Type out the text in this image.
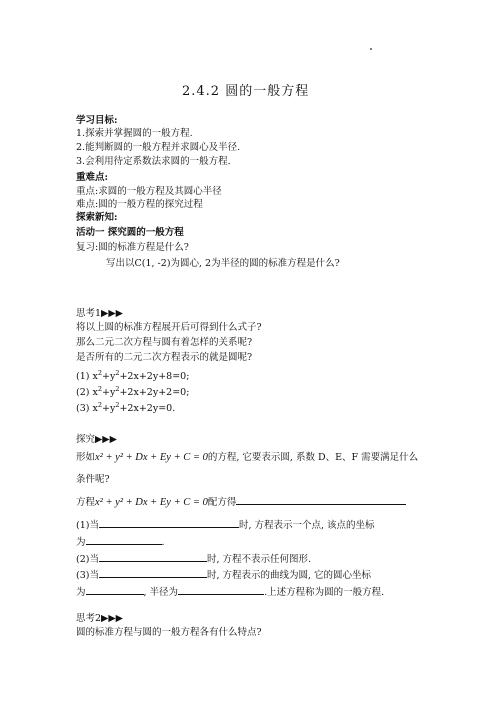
2.4.2 圆的一般方程
学习目标:
1.探索并掌握圆的一般方程.
2.能判断圆的一般方程并求圆心及半径.
3.会利用待定系数法求圆的一般方程.
重难点:
重点:求圆的一般方程及其圆心半径
难点:圆的一般方程的探究过程
探索新知:
活动一 探究圆的一般方程
复习:圆的标准方程是什么?
写出以C(1, -2)为圆心, 2为半径的圆的标准方程是什么?
思考1▶▶▶
将以上圆的标准方程展开后可得到什么式子?
那么二元二次方程与圆有着怎样的关系呢?
是否所有的二元二次方程表示的就是圆呢?
(1) $x^2+y^2+2x+2y+8=0$;
(2) $x^2+y^2+2x+2y+2=0$;
(3) $x^2+y^2+2x+2y=0$.
探究▶▶▶
形如x² + y² + Dx + Ey + C = 0的方程, 它要表示圆, 系数 D、E、F 需要满足什么
条件呢?
方程x² + y² + Dx + Ey + C = 0配方得
(1)当	时, 方程表示一个点, 该点的坐标
为	.
(2)当	时, 方程不表示任何图形.
(3)当	时, 方程表示的曲线为圆, 它的圆心坐标
为	, 半径为	.上述方程称为圆的一般方程.
思考2▶▶▶
圆的标准方程与圆的一般方程各有什么特点?
